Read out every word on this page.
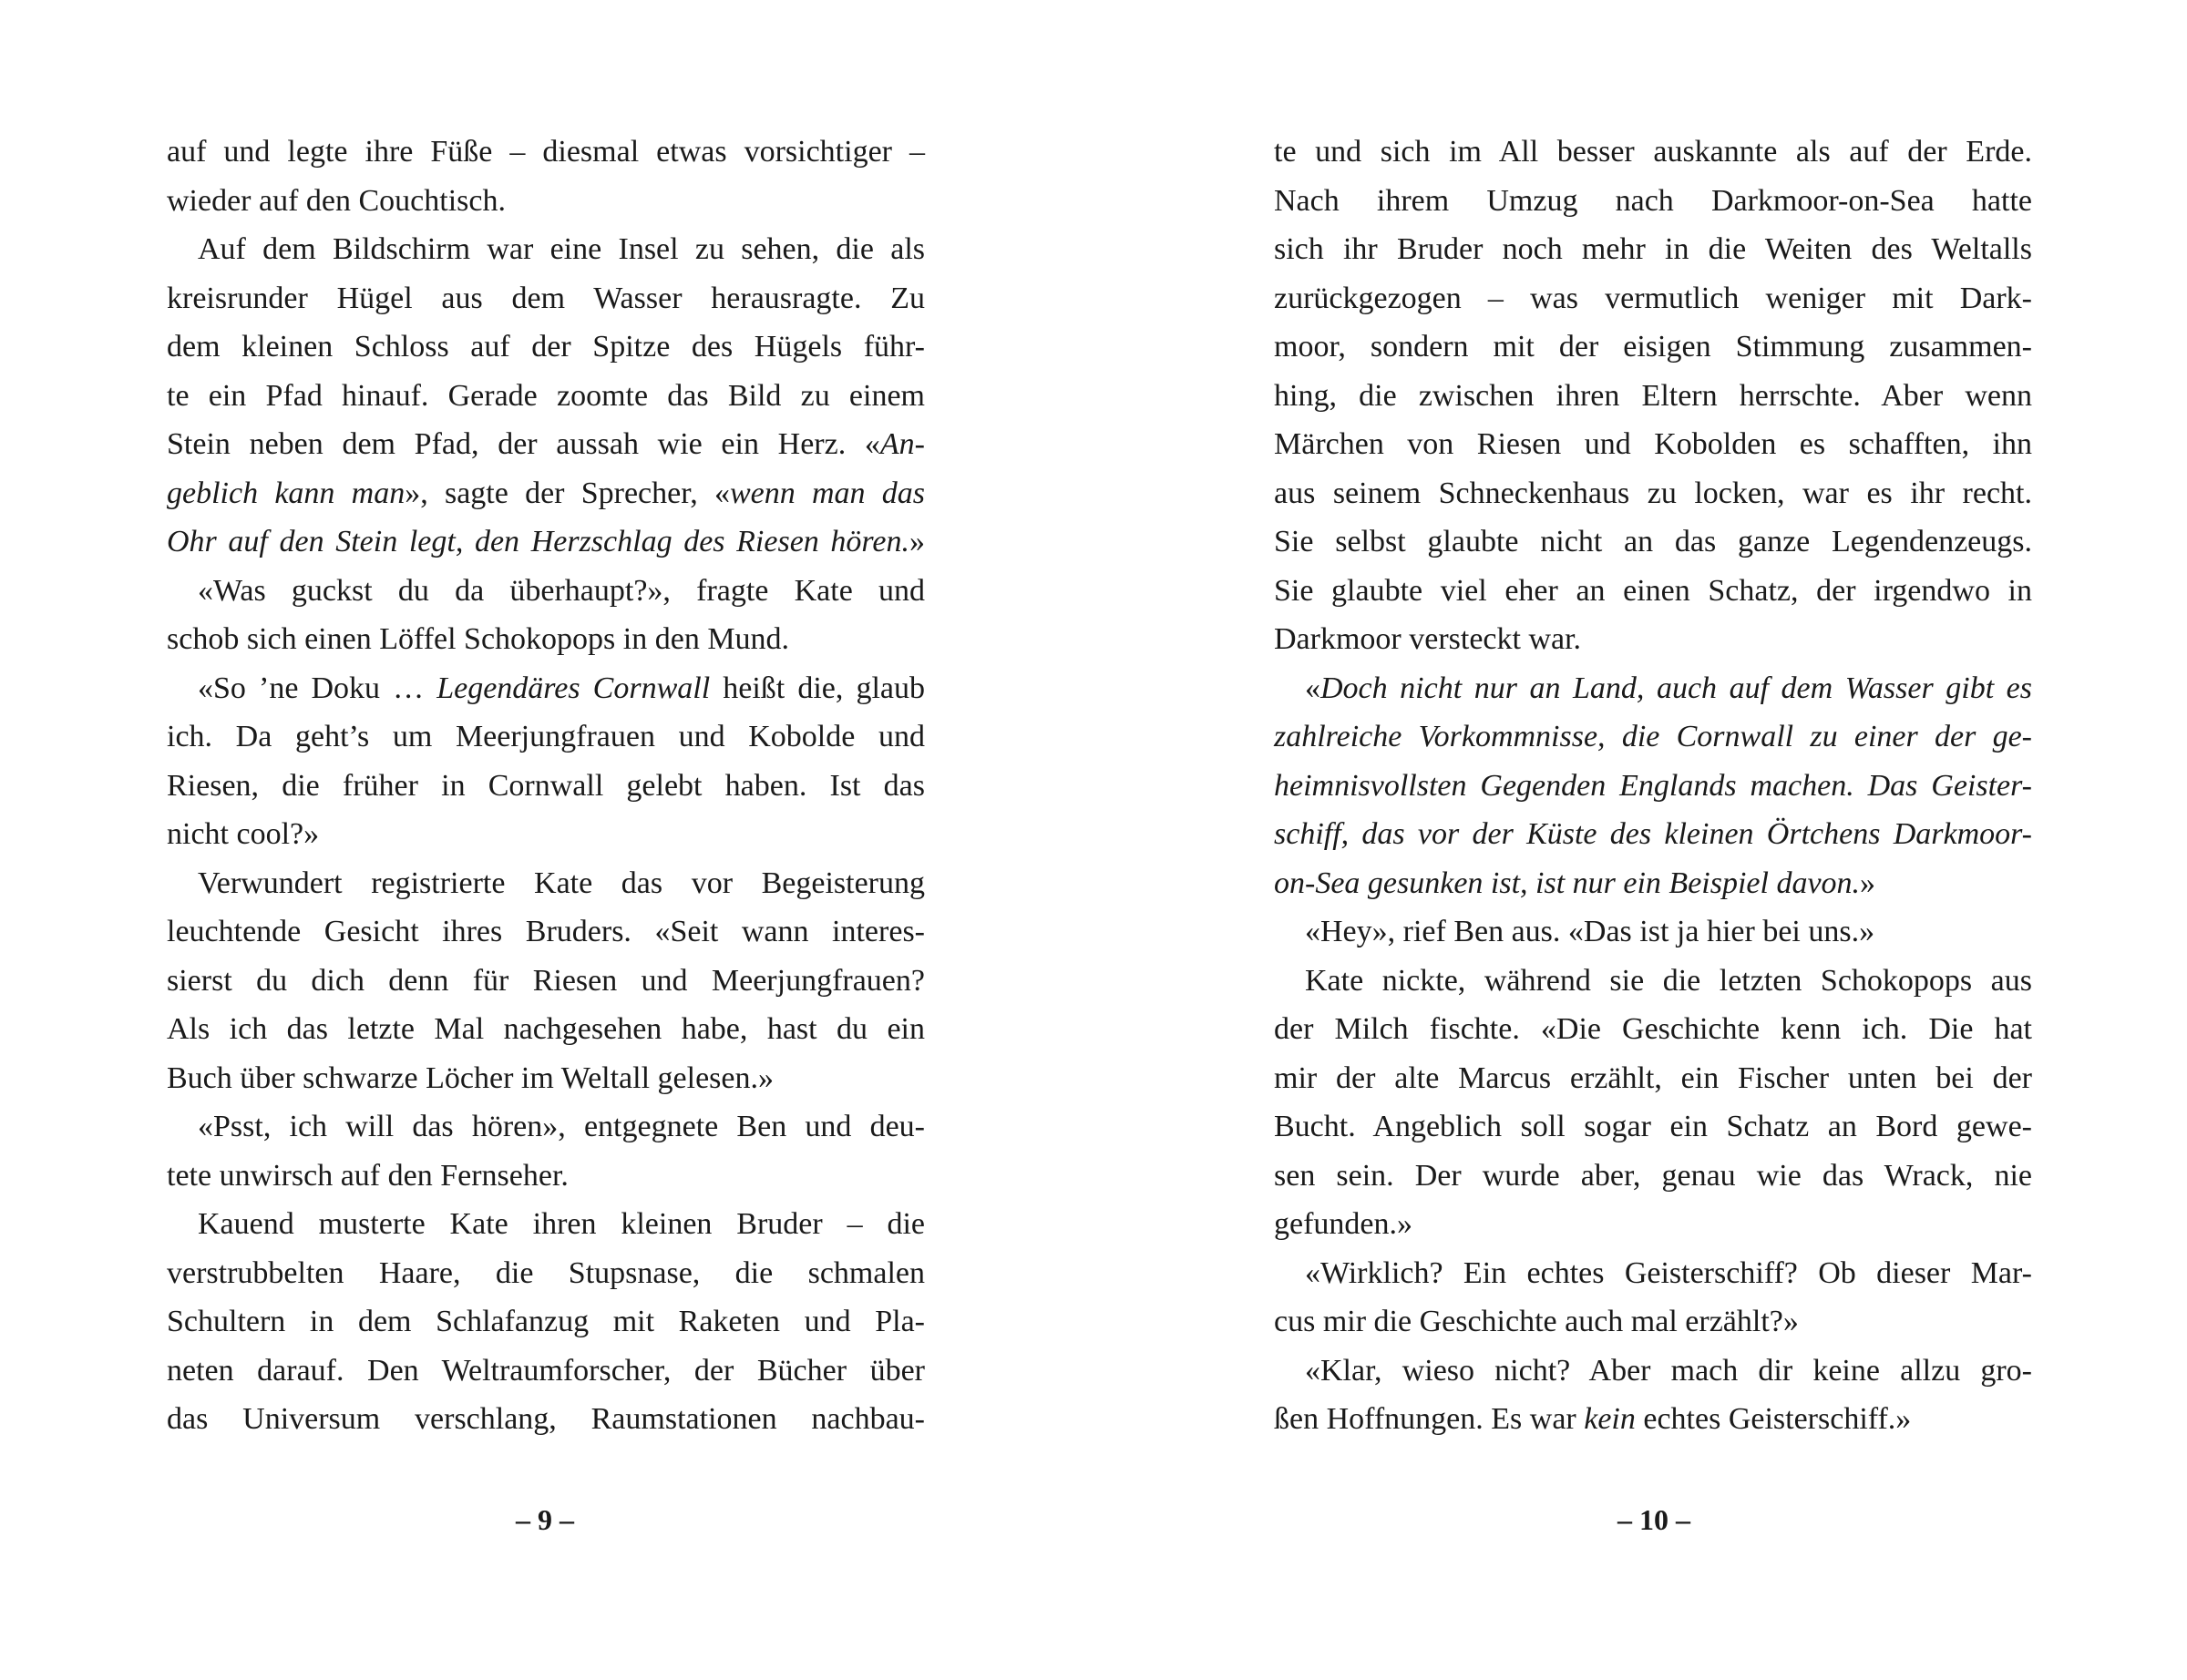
auf und legte ihre Füße – diesmal etwas vorsichtiger –
wieder auf den Couchtisch.
Auf dem Bildschirm war eine Insel zu sehen, die als
kreisrunder Hügel aus dem Wasser herausragte. Zu
dem kleinen Schloss auf der Spitze des Hügels führ-
te ein Pfad hinauf. Gerade zoomte das Bild zu einem
Stein neben dem Pfad, der aussah wie ein Herz. «An-
geblich kann man», sagte der Sprecher, «wenn man das
Ohr auf den Stein legt, den Herzschlag des Riesen hören.»
«Was guckst du da überhaupt?», fragte Kate und
schob sich einen Löffel Schokopops in den Mund.
«So ’ne Doku … Legendäres Cornwall heißt die, glaub
ich. Da geht’s um Meerjungfrauen und Kobolde und
Riesen, die früher in Cornwall gelebt haben. Ist das
nicht cool?»
Verwundert registrierte Kate das vor Begeisterung
leuchtende Gesicht ihres Bruders. «Seit wann interes-
sierst du dich denn für Riesen und Meerjungfrauen?
Als ich das letzte Mal nachgesehen habe, hast du ein
Buch über schwarze Löcher im Weltall gelesen.»
«Psst, ich will das hören», entgegnete Ben und deu-
tete unwirsch auf den Fernseher.
Kauend musterte Kate ihren kleinen Bruder – die
verstrubbelten Haare, die Stupsnase, die schmalen
Schultern in dem Schlafanzug mit Raketen und Pla-
neten darauf. Den Weltraumforscher, der Bücher über
das Universum verschlang, Raumstationen nachbau-
– 9 –
te und sich im All besser auskannte als auf der Erde.
Nach ihrem Umzug nach Darkmoor-on-Sea hatte
sich ihr Bruder noch mehr in die Weiten des Weltalls
zurückgezogen – was vermutlich weniger mit Dark-
moor, sondern mit der eisigen Stimmung zusammen-
hing, die zwischen ihren Eltern herrschte. Aber wenn
Märchen von Riesen und Kobolden es schafften, ihn
aus seinem Schneckenhaus zu locken, war es ihr recht.
Sie selbst glaubte nicht an das ganze Legendenzeugs.
Sie glaubte viel eher an einen Schatz, der irgendwo in
Darkmoor versteckt war.
«Doch nicht nur an Land, auch auf dem Wasser gibt es
zahlreiche Vorkommnisse, die Cornwall zu einer der ge-
heimnisvollsten Gegenden Englands machen. Das Geister-
schiff, das vor der Küste des kleinen Örtchens Darkmoor-
on-Sea gesunken ist, ist nur ein Beispiel davon.»
«Hey», rief Ben aus. «Das ist ja hier bei uns.»
Kate nickte, während sie die letzten Schokopops aus
der Milch fischte. «Die Geschichte kenn ich. Die hat
mir der alte Marcus erzählt, ein Fischer unten bei der
Bucht. Angeblich soll sogar ein Schatz an Bord gewe-
sen sein. Der wurde aber, genau wie das Wrack, nie
gefunden.»
«Wirklich? Ein echtes Geisterschiff? Ob dieser Mar-
cus mir die Geschichte auch mal erzählt?»
«Klar, wieso nicht? Aber mach dir keine allzu gro-
ßen Hoffnungen. Es war kein echtes Geisterschiff.»
– 10 –
